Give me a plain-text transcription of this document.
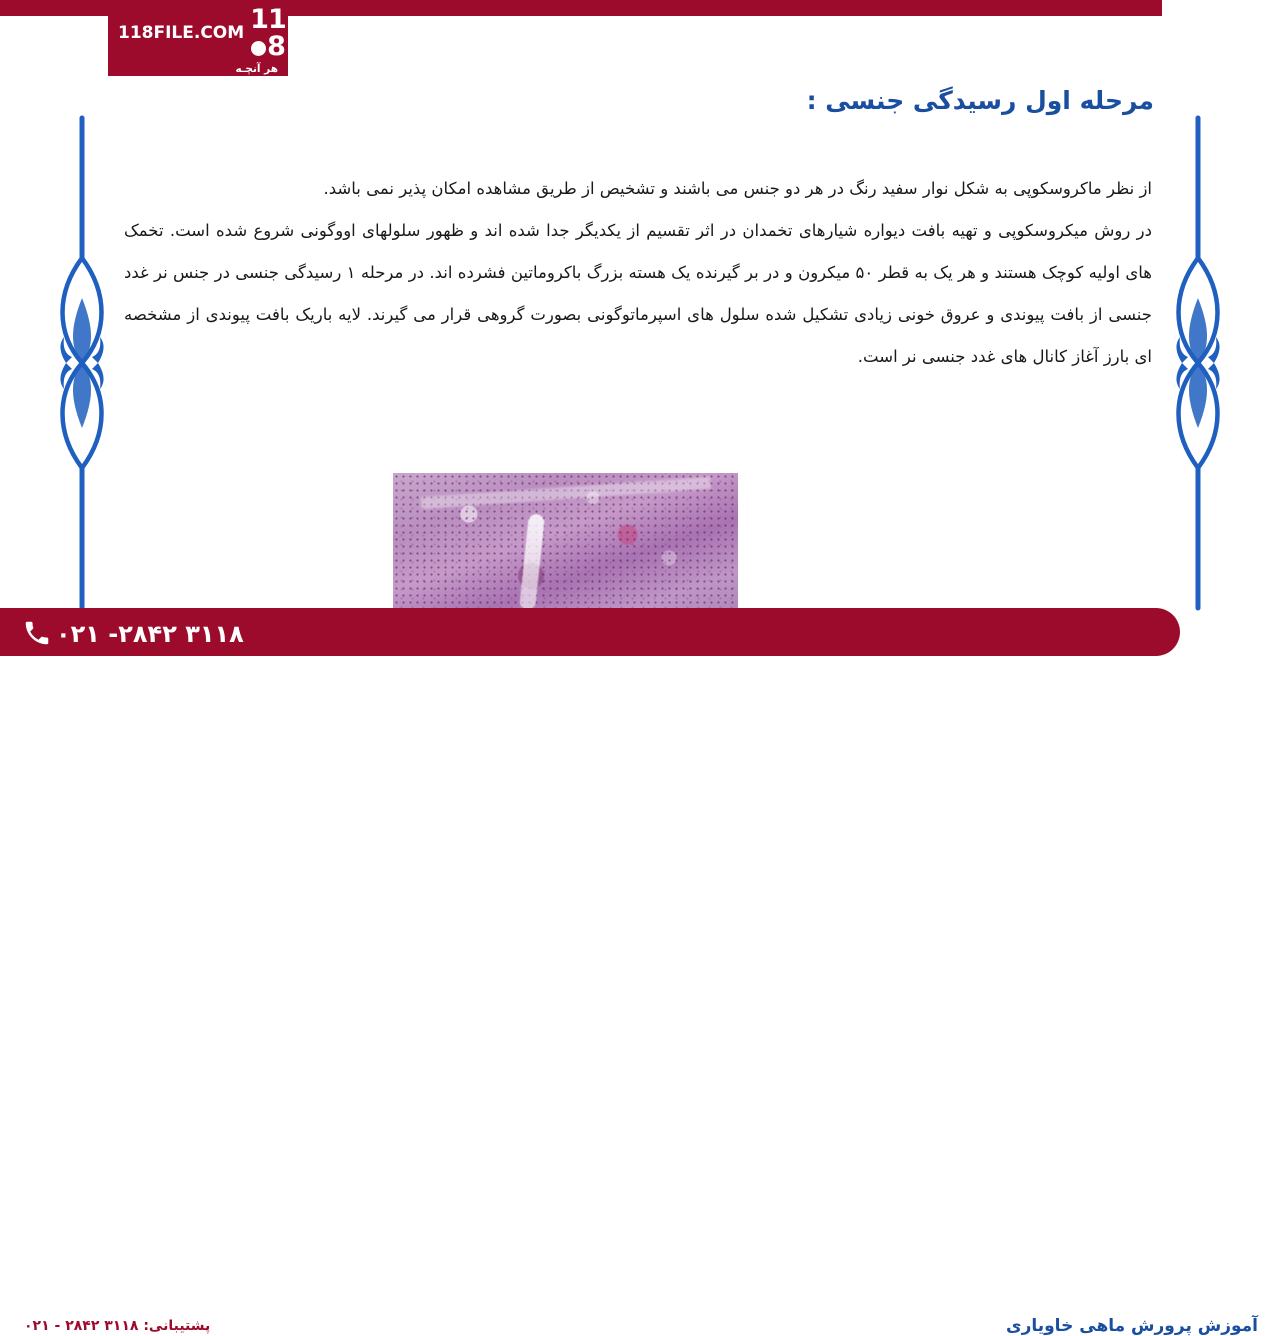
118FILE.COM 118
هر آنچـه
میـ‌خـــواهیــد...
FILE	مرحله اول رسیدگی جنسی :

از نظر ماکروسکوپی به شکل نوار سفید رنگ در هر دو جنس می باشند و تشخیص از طریق مشاهده امکان پذیر نمی باشد.

در روش میکروسکوپی و تهیه بافت دیواره شیارهای تخمدان در اثر تقسیم از یکدیگر جدا شده اند و ظهور سلولهای اووگونی شروع شده است. تخمک های اولیه کوچک هستند و هر یک به قطر ۵۰ میکرون و در بر گیرنده یک هسته بزرگ باکروماتین فشرده اند. در مرحله ۱ رسیدگی جنسی در جنس نر غدد جنسی از بافت پیوندی و عروق خونی زیادی تشکیل شده سلول های اسپرماتوگونی بصورت گروهی قرار می گیرند. لایه باریک بافت پیوندی از مشخصه ای بارز آغاز کانال های غدد جنسی نر است.

۰۲۱ -۲۸۴۲ ۳۱۱۸
پشتیبانی: ۳۱۱۸ ۲۸۴۲ - ۰۲۱	آموزش پرورش ماهی خاویاری
